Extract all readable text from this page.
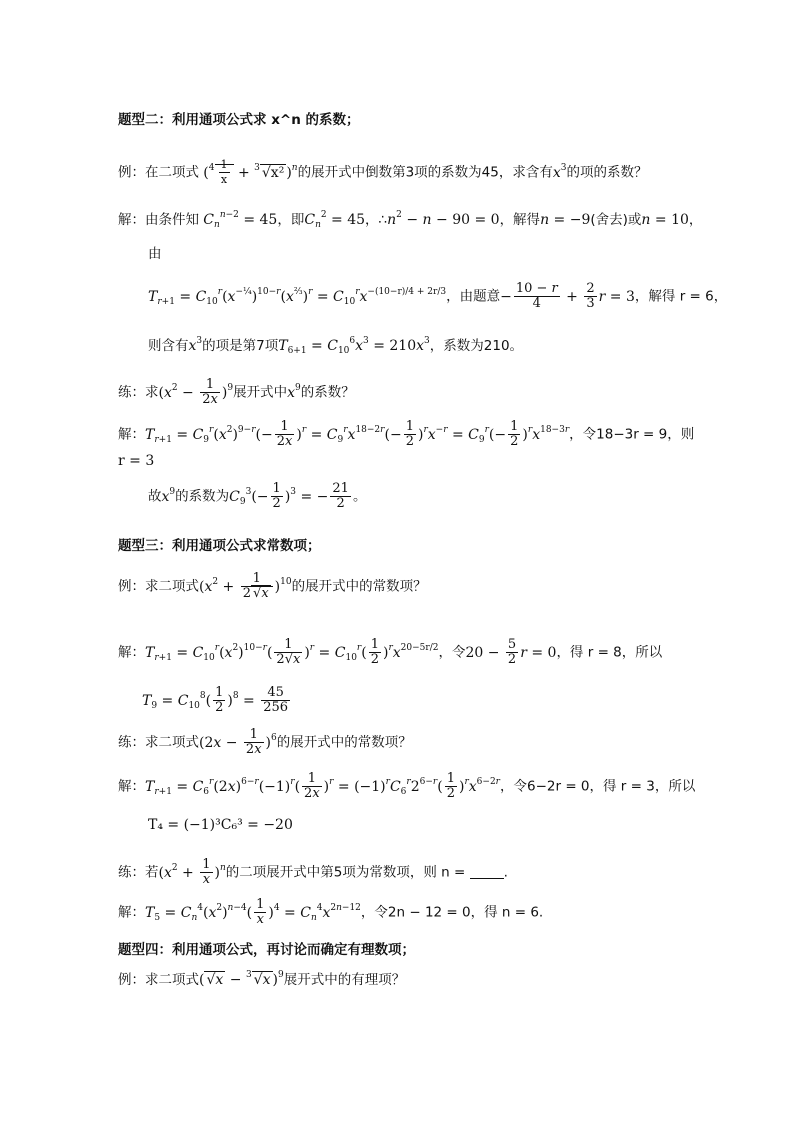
题型二：利用通项公式求 x^n 的系数；
例：在二项式 ($^4 \frac{1}{x} + ^3$ √x² )$^n$的展开式中倒数第3项的系数为45，求含有$x^3$的项的系数？
解：由条件知 $C_n^{n-2} = 45$，即$C_n^2 = 45$，$\therefore n^2 - n - 90 = 0$，解得n = −9(舍去)或n = 10，
由
$T_{r+1} = C_{10}^r(x^{-\frac{1}{4}})^{10-r}(x^{\frac{2}{3}})^r = C_{10}^rx^{-(10-r)/4 + 2r/3}$，由题意− $\frac{10 - r}{4} + \frac{2}{3}$ r = 3，解得 r = 6，
则含有$x^3$的项是第7项$T_{6+1} = C_{10}^6x^3 = 210x^3$，系数为210。
练：求$(x^2 - \frac{1}{2x} )^9$展开式中$x^9$的系数？
解：$T_{r+1} = C_9^r(x^2)^{9-r}(- \frac{1}{2x} )^r = C_9^rx^{18-2r}(- \frac{1}{2} )^rx^{-r} = C_9^r(- \frac{1}{2} )^rx^{18-3r}$，令18−3r = 9，则
r = 3
故$x^9$的系数为$C_9^3(- \frac{1}{2} )^3$ = − $\frac{21}{2}$ 。
题型三：利用通项公式求常数项；
例：求二项式$(x^2 + \frac{1}{2 √x} )^{10}$的展开式中的常数项？
解：$T_{r+1} = C_{10}^r(x^2)^{10-r}( \frac{1}{2√x} )^r = C_{10}^r( \frac{1}{2} )^rx^{20-5r/2}$，令$20 - \frac{5}{2}$ r = 0，得 r = 8，所以
$T_9 = C_{10}^8( \frac{1}{2} )^8 = \frac{45}{256}$
练：求二项式$(2x - \frac{1}{2x} )^6$的展开式中的常数项？
解：$T_{r+1} = C_6^r(2x)^{6-r}(-1)^r( \frac{1}{2x} )^r = (-1)^rC_6^r2^{6-r}( \frac{1}{2} )^rx^{6-2r}$，令6−2r = 0，得 r = 3，所以
T₄ = (−1)³C₆³ = −20
练：若$(x^2 + \frac{1}{x} )^n$的二项展开式中第5项为常数项，则 n =	.
解：$T_5 = C_n^4(x^2)^{n-4}( \frac{1}{x} )^4 = C_n^4x^{2n-12}$，令2n − 12 = 0，得 n = 6.
题型四：利用通项公式，再讨论而确定有理数项；
例：求二项式( √x − $^3$ √x )$^9$展开式中的有理项？
